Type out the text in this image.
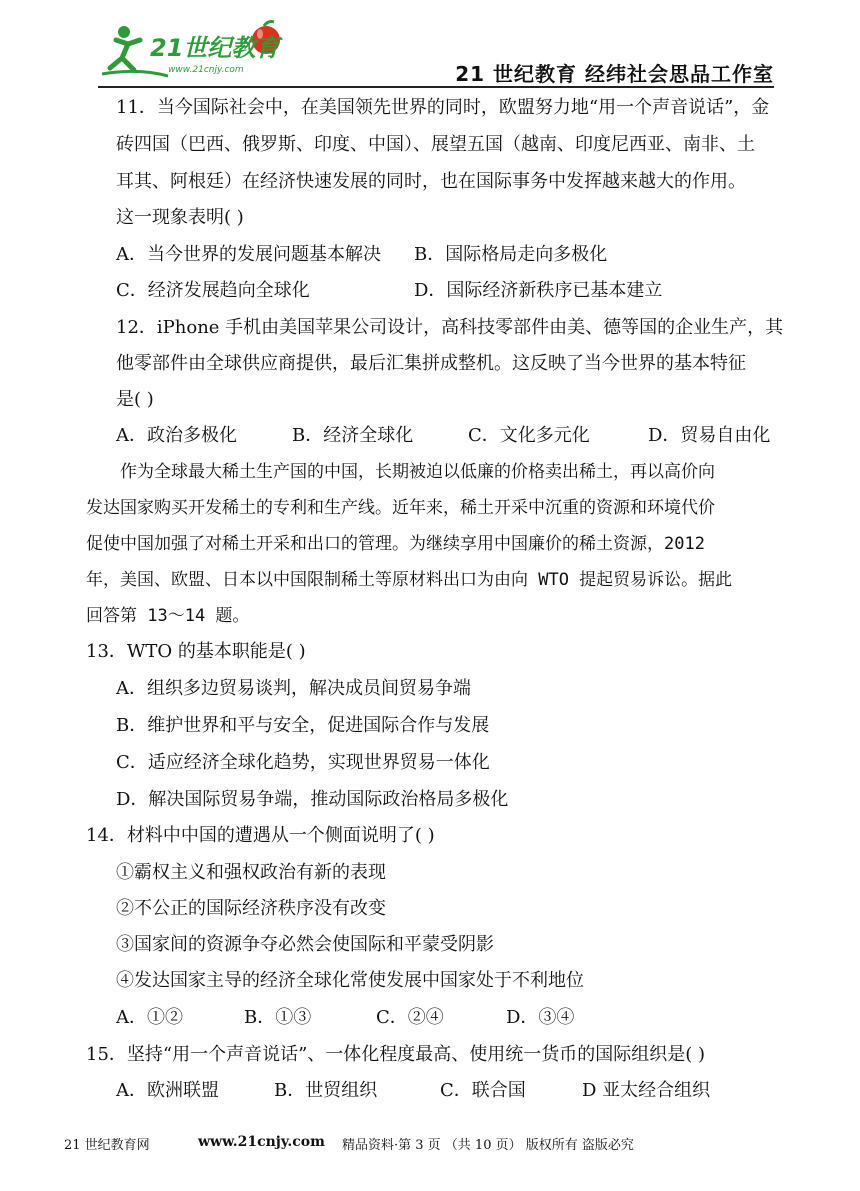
21世纪教育
www.21cnjy.com	21 世纪教育 经纬社会思品工作室
11．当今国际社会中，在美国领先世界的同时，欧盟努力地“用一个声音说话”，金
砖四国（巴西、俄罗斯、印度、中国）、展望五国（越南、印度尼西亚、南非、土
耳其、阿根廷）在经济快速发展的同时，也在国际事务中发挥越来越大的作用。
这一现象表明( )
A．当今世界的发展问题基本解决 B．国际格局走向多极化
C．经济发展趋向全球化	D．国际经济新秩序已基本建立
12．iPhone 手机由美国苹果公司设计，高科技零部件由美、德等国的企业生产，其
他零部件由全球供应商提供，最后汇集拼成整机。这反映了当今世界的基本特征
是( )
A．政治多极化	B．经济全球化	C．文化多元化	D．贸易自由化
作为全球最大稀土生产国的中国，长期被迫以低廉的价格卖出稀土，再以高价向
发达国家购买开发稀土的专利和生产线。近年来，稀土开采中沉重的资源和环境代价
促使中国加强了对稀土开采和出口的管理。为继续享用中国廉价的稀土资源，2012
年，美国、欧盟、日本以中国限制稀土等原材料出口为由向 WTO 提起贸易诉讼。据此
回答第 13～14 题。
13．WTO 的基本职能是( )
A．组织多边贸易谈判，解决成员间贸易争端
B．维护世界和平与安全，促进国际合作与发展
C．适应经济全球化趋势，实现世界贸易一体化
D．解决国际贸易争端，推动国际政治格局多极化
14．材料中中国的遭遇从一个侧面说明了( )
①霸权主义和强权政治有新的表现
②不公正的国际经济秩序没有改变
③国家间的资源争夺必然会使国际和平蒙受阴影
④发达国家主导的经济全球化常使发展中国家处于不利地位
A．①②	B．①③	C．②④	D．③④
15．坚持“用一个声音说话”、一体化程度最高、使用统一货币的国际组织是( )
A．欧洲联盟	B．世贸组织	C．联合国	D 亚太经合组织
21 世纪教育网	www.21cnjy.com 精品资料·第 3 页 （共 10 页） 版权所有 盗版必究
